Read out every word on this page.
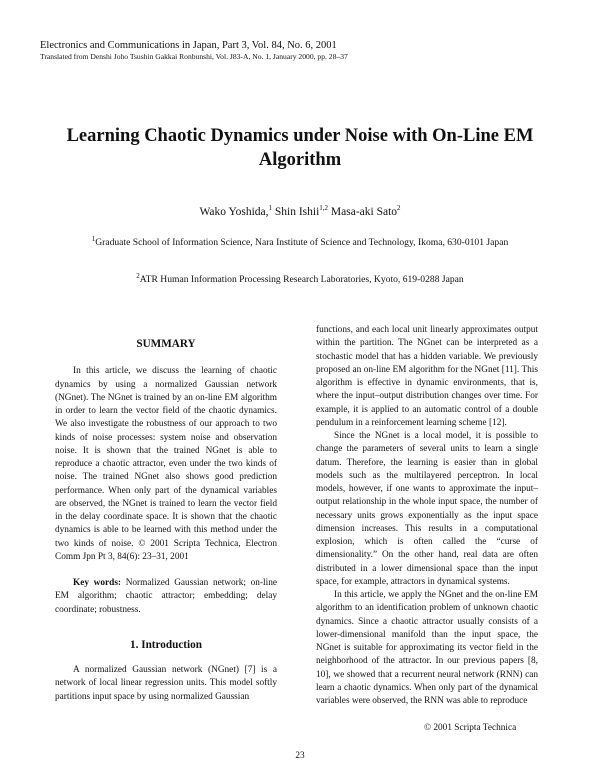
Electronics and Communications in Japan, Part 3, Vol. 84, No. 6, 2001
Translated from Denshi Joho Tsushin Gakkai Ronbunshi, Vol. J83-A, No. 1, January 2000, pp. 28–37
Learning Chaotic Dynamics under Noise with On-Line EM Algorithm
Wako Yoshida,$^1$ Shin Ishii$^{1,2}$ Masa-aki Sato$^2$
$^1$Graduate School of Information Science, Nara Institute of Science and Technology, Ikoma, 630-0101 Japan
$^2$ATR Human Information Processing Research Laboratories, Kyoto, 619-0288 Japan
SUMMARY

In this article, we discuss the learning of chaotic dynamics by using a normalized Gaussian network (NGnet). The NGnet is trained by an on-line EM algorithm in order to learn the vector field of the chaotic dynamics. We also investigate the robustness of our approach to two kinds of noise processes: system noise and observation noise. It is shown that the trained NGnet is able to reproduce a chaotic attractor, even under the two kinds of noise. The trained NGnet also shows good prediction performance. When only part of the dynamical variables are observed, the NGnet is trained to learn the vector field in the delay coordinate space. It is shown that the chaotic dynamics is able to be learned with this method under the two kinds of noise. © 2001 Scripta Technica, Electron Comm Jpn Pt 3, 84(6): 23–31, 2001

Key words: Normalized Gaussian network; on-line EM algorithm; chaotic attractor; embedding; delay coordinate; robustness.

1. Introduction

A normalized Gaussian network (NGnet) [7] is a network of local linear regression units. This model softly partitions input space by using normalized Gaussian

functions, and each local unit linearly approximates output within the partition. The NGnet can be interpreted as a stochastic model that has a hidden variable. We previously proposed an on-line EM algorithm for the NGnet [11]. This algorithm is effective in dynamic environments, that is, where the input–output distribution changes over time. For example, it is applied to an automatic control of a double pendulum in a reinforcement learning scheme [12].

Since the NGnet is a local model, it is possible to change the parameters of several units to learn a single datum. Therefore, the learning is easier than in global models such as the multilayered perceptron. In local models, however, if one wants to approximate the input–output relationship in the whole input space, the number of necessary units grows exponentially as the input space dimension increases. This results in a computational explosion, which is often called the “curse of dimensionality.” On the other hand, real data are often distributed in a lower dimensional space than the input space, for example, attractors in dynamical systems.

In this article, we apply the NGnet and the on-line EM algorithm to an identification problem of unknown chaotic dynamics. Since a chaotic attractor usually consists of a lower-dimensional manifold than the input space, the NGnet is suitable for approximating its vector field in the neighborhood of the attractor. In our previous papers [8, 10], we showed that a recurrent neural network (RNN) can learn a chaotic dynamics. When only part of the dynamical variables were observed, the RNN was able to reproduce

© 2001 Scripta Technica
23
